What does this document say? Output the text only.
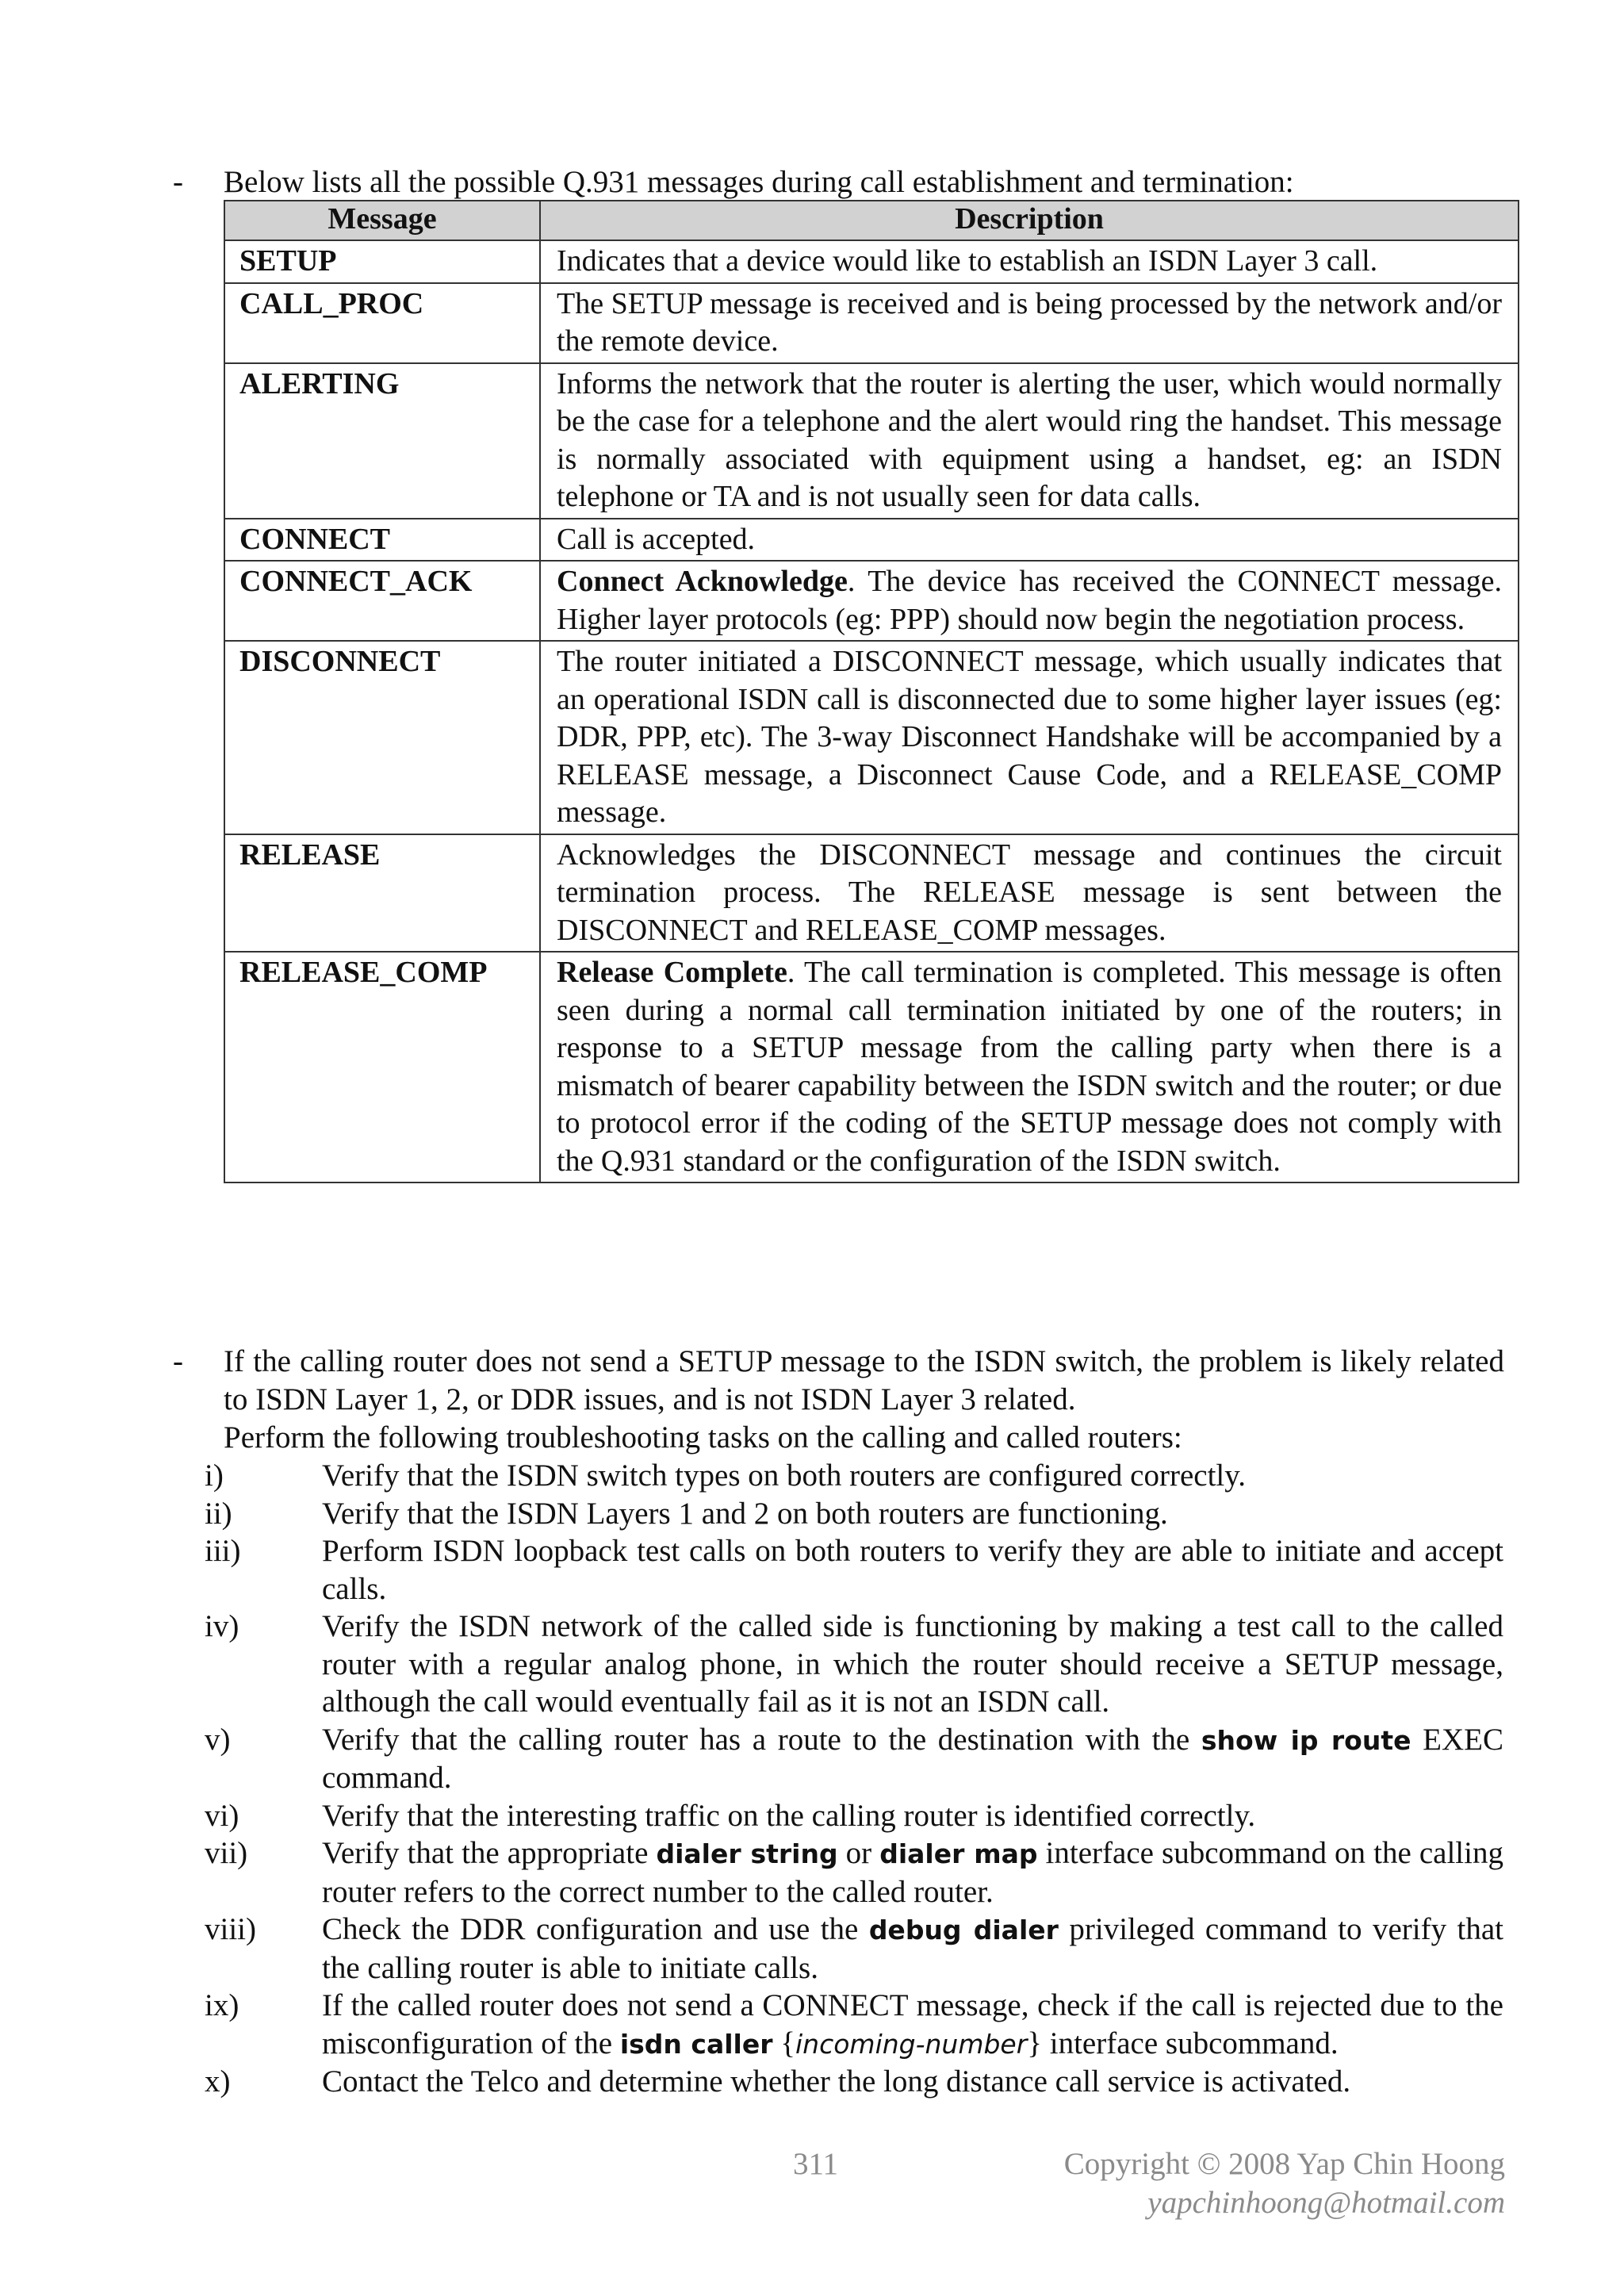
- Below lists all the possible Q.931 messages during call establishment and termination:
Message	Description
SETUP	Indicates that a device would like to establish an ISDN Layer 3 call.
CALL_PROC	The SETUP message is received and is being processed by the network and/or the remote device.
ALERTING	Informs the network that the router is alerting the user, which would normally be the case for a telephone and the alert would ring the handset. This message is normally associated with equipment using a handset, eg: an ISDN telephone or TA and is not usually seen for data calls.
CONNECT	Call is accepted.
CONNECT_ACK	Connect Acknowledge. The device has received the CONNECT message. Higher layer protocols (eg: PPP) should now begin the negotiation process.
DISCONNECT	The router initiated a DISCONNECT message, which usually indicates that an operational ISDN call is disconnected due to some higher layer issues (eg: DDR, PPP, etc). The 3-way Disconnect Handshake will be accompanied by a RELEASE message, a Disconnect Cause Code, and a RELEASE_COMP message.
RELEASE	Acknowledges the DISCONNECT message and continues the circuit termination process. The RELEASE message is sent between the DISCONNECT and RELEASE_COMP messages.
RELEASE_COMP	Release Complete. The call termination is completed. This message is often seen during a normal call termination initiated by one of the routers; in response to a SETUP message from the calling party when there is a mismatch of bearer capability between the ISDN switch and the router; or due to protocol error if the coding of the SETUP message does not comply with the Q.931 standard or the configuration of the ISDN switch.
- If the calling router does not send a SETUP message to the ISDN switch, the problem is likely related to ISDN Layer 1, 2, or DDR issues, and is not ISDN Layer 3 related.

Perform the following troubleshooting tasks on the calling and called routers:

i)	Verify that the ISDN switch types on both routers are configured correctly.
ii)	Verify that the ISDN Layers 1 and 2 on both routers are functioning.
iii)	Perform ISDN loopback test calls on both routers to verify they are able to initiate and accept calls.
iv)	Verify the ISDN network of the called side is functioning by making a test call to the called router with a regular analog phone, in which the router should receive a SETUP message, although the call would eventually fail as it is not an ISDN call.
v)	Verify that the calling router has a route to the destination with the show ip route EXEC command.
vi)	Verify that the interesting traffic on the calling router is identified correctly.
vii) Verify that the appropriate dialer string or dialer map interface subcommand on the calling router refers to the correct number to the called router.
viii) Check the DDR configuration and use the debug dialer privileged command to verify that the calling router is able to initiate calls.
ix)	If the called router does not send a CONNECT message, check if the call is rejected due to the misconfiguration of the isdn caller {incoming-number} interface subcommand.
x)	Contact the Telco and determine whether the long distance call service is activated.
311	Copyright © 2008 Yap Chin Hoong
yapchinhoong@hotmail.com
